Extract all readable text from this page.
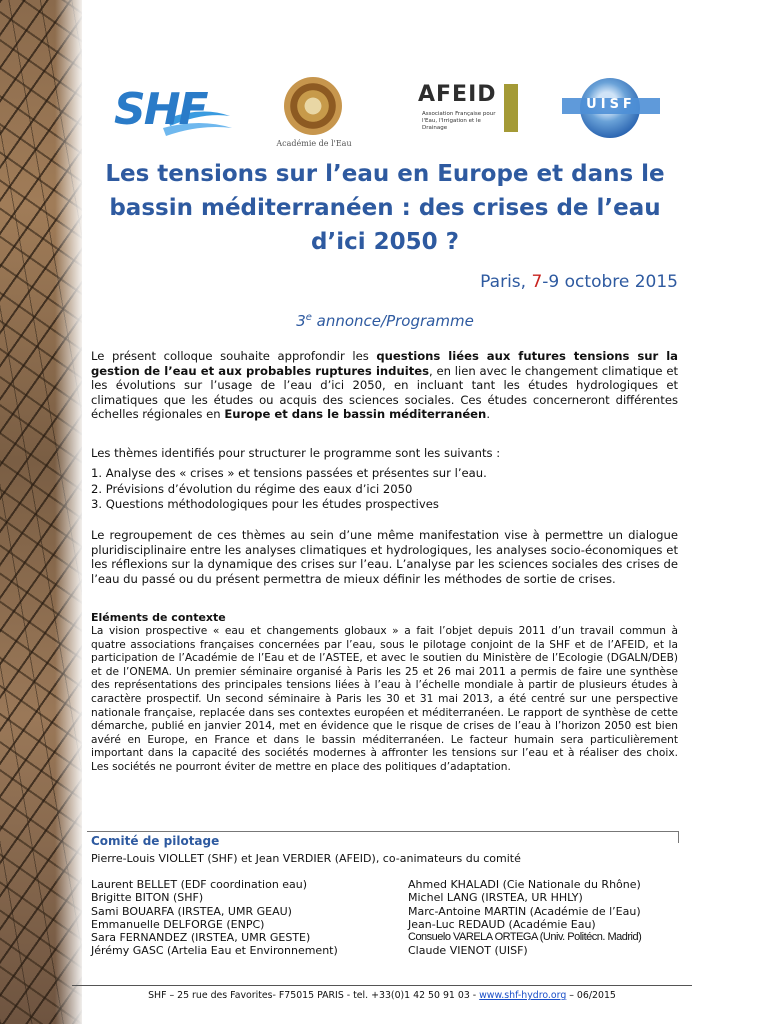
SHF
Académie de l'Eau
AFEID
Association Française pour l'Eau, l'Irrigation et le Drainage
UISF
Les tensions sur l’eau en Europe et dans le bassin méditerranéen : des crises de l’eau d’ici 2050 ?
Paris, 7-9 octobre 2015
3e annonce/Programme
Le présent colloque souhaite approfondir les questions liées aux futures tensions sur la gestion de l’eau et aux probables ruptures induites, en lien avec le changement climatique et les évolutions sur l’usage de l’eau d’ici 2050, en incluant tant les études hydrologiques et climatiques que les études ou acquis des sciences sociales. Ces études concerneront différentes échelles régionales en Europe et dans le bassin méditerranéen.
Les thèmes identifiés pour structurer le programme sont les suivants :
1. Analyse des « crises » et tensions passées et présentes sur l’eau.
2. Prévisions d’évolution du régime des eaux d’ici 2050
3. Questions méthodologiques pour les études prospectives
Le regroupement de ces thèmes au sein d’une même manifestation vise à permettre un dialogue pluridisciplinaire entre les analyses climatiques et hydrologiques, les analyses socio-économiques et les réflexions sur la dynamique des crises sur l’eau. L’analyse par les sciences sociales des crises de l’eau du passé ou du présent permettra de mieux définir les méthodes de sortie de crises.
Eléments de contexte
La vision prospective « eau et changements globaux » a fait l’objet depuis 2011 d’un travail commun à quatre associations françaises concernées par l’eau, sous le pilotage conjoint de la SHF et de l’AFEID, et la participation de l’Académie de l’Eau et de l’ASTEE, et avec le soutien du Ministère de l’Ecologie (DGALN/DEB) et de l’ONEMA. Un premier séminaire organisé à Paris les 25 et 26 mai 2011 a permis de faire une synthèse des représentations des principales tensions liées à l’eau à l’échelle mondiale à partir de plusieurs études à caractère prospectif. Un second séminaire à Paris les 30 et 31 mai 2013, a été centré sur une perspective nationale française, replacée dans ses contextes européen et méditerranéen. Le rapport de synthèse de cette démarche, publié en janvier 2014, met en évidence que le risque de crises de l’eau à l’horizon 2050 est bien avéré en Europe, en France et dans le bassin méditerranéen. Le facteur humain sera particulièrement important dans la capacité des sociétés modernes à affronter les tensions sur l’eau et à réaliser des choix. Les sociétés ne pourront éviter de mettre en place des politiques d’adaptation.
Comité de pilotage
Pierre-Louis VIOLLET (SHF) et Jean VERDIER (AFEID), co-animateurs du comité
Laurent BELLET (EDF coordination eau)
Brigitte BITON (SHF)
Sami BOUARFA (IRSTEA, UMR GEAU)
Emmanuelle DELFORGE (ENPC)
Sara FERNANDEZ (IRSTEA, UMR GESTE)
Jérémy GASC (Artelia Eau et Environnement)
Ahmed KHALADI (Cie Nationale du Rhône)
Michel LANG (IRSTEA, UR HHLY)
Marc-Antoine MARTIN (Académie de l’Eau)
Jean-Luc REDAUD (Académie Eau)
Consuelo VARELA ORTEGA (Univ. Politécn. Madrid)
Claude VIENOT (UISF)
SHF – 25 rue des Favorites- F75015 PARIS - tel. +33(0)1 42 50 91 03 - www.shf-hydro.org – 06/2015
